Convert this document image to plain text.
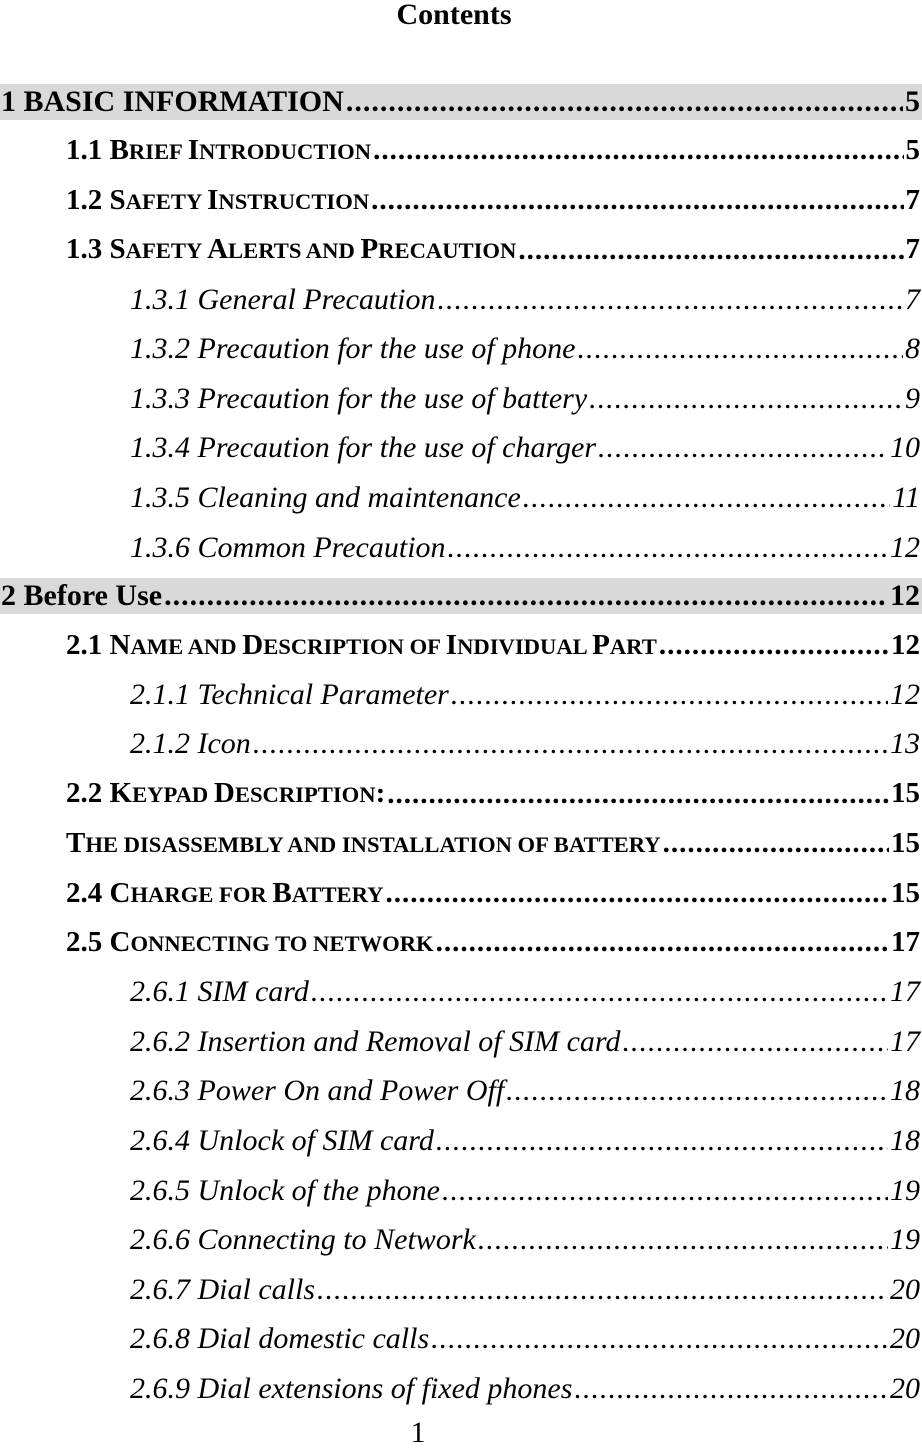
Contents
1 BASIC INFORMATION .....	5
1.1 BRIEF INTRODUCTION .....	5
1.2 SAFETY INSTRUCTION .....	7
1.3 SAFETY ALERTS AND PRECAUTION .....	7
1.3.1 General Precaution .....	7
1.3.2 Precaution for the use of phone .....	8
1.3.3 Precaution for the use of battery .....	9
1.3.4 Precaution for the use of charger .....	10
1.3.5 Cleaning and maintenance .....	11
1.3.6 Common Precaution .....	12
2 Before Use .....	12
2.1 NAME AND DESCRIPTION OF INDIVIDUAL PART .....	12
2.1.1 Technical Parameter .....	12
2.1.2 Icon .....	13
2.2 KEYPAD DESCRIPTION: .....	15
THE DISASSEMBLY AND INSTALLATION OF BATTERY .....	15
2.4 CHARGE FOR BATTERY .....	15
2.5 CONNECTING TO NETWORK .....	17
2.6.1 SIM card .....	17
2.6.2 Insertion and Removal of SIM card .....	17
2.6.3 Power On and Power Off .....	18
2.6.4 Unlock of SIM card .....	18
2.6.5 Unlock of the phone .....	19
2.6.6 Connecting to Network .....	19
2.6.7 Dial calls .....	20
2.6.8 Dial domestic calls .....	20
2.6.9 Dial extensions of fixed phones .....	20
1
